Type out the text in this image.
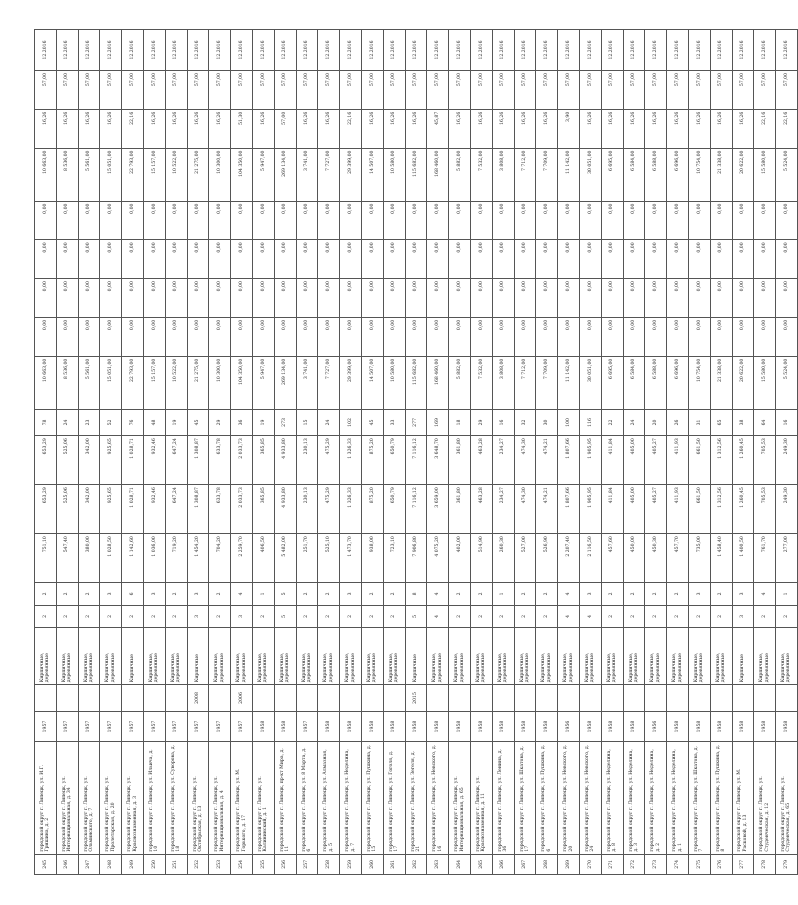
245	городской округ г. Липецк, ул. И.Г. Гришина, д. 2	1957		Кирпичные, деревянные	2	2	751,10	653,29	653,29	78	10 663,00	0,00	0,00	0,00	0,00	10 663,00	16,26	57,00	12.2016
246	городской округ г. Липецк, ул. Интернациональная, д. 34	1957		Кирпичные, деревянные	2	2	547,40	525,06	525,06	24	8 536,00	0,00	0,00	0,00	0,00	8 536,00	16,26	57,00	12.2016
247	городской округ г. Липецк, ул. Ольминского, д. 7	1957		Кирпичные, деревянные	2	2	380,00	342,00	342,00	23	5 561,00	0,00	0,00	0,00	0,00	5 561,00	16,26	57,00	12.2016
248	городской округ г. Липецк, ул. Пролетарская, д. 20	1957		Кирпичные, деревянные	2	3	1 028,50	925,65	925,65	52	15 051,00	0,00	0,00	0,00	0,00	15 051,00	16,26	57,00	12.2016
249	городской округ г. Липецк, ул. Краснознаменная, д. 3	1957		Кирпичные	2	6	1 142,60	1 028,71	1 028,71	76	22 793,00	0,00	0,00	0,00	0,00	22 793,00	22,16	57,00	12.2016
250	городской округ г. Липецк, ул. Ильича, д. 10	1957		Кирпичные, деревянные	2	3	1 036,00	932,46	932,46	48	15 157,00	0,00	0,00	0,00	0,00	15 157,00	16,26	57,00	12.2016
251	городской округ г. Липецк, ул. Суворова, д. 18	1957		Кирпичные, деревянные	2	2	719,20	647,24	647,24	19	10 522,00	0,00	0,00	0,00	0,00	10 522,00	16,26	57,00	12.2016
252	городской округ г. Липецк, ул. Октябрьская, д. 13	1957	2008	Кирпичные	3	3	1 454,20	1 308,87	1 308,87	45	21 275,00	0,00	0,00	0,00	0,00	21 275,00	16,26	57,00	12.2016
253	городской округ г. Липецк, ул. Интернациональная, д. 4	1957		Кирпичные, деревянные	2	2	704,20	633,78	633,78	29	10 300,00	0,00	0,00	0,00	0,00	10 300,00	16,26	57,00	12.2016
254	городской округ г. Липецк, ул. М. Горького, д. 17	1957	2006	Кирпичные, деревянные	3	4	2 259,70	2 033,73	2 033,73	36	104 350,00	0,00	0,00	0,00	0,00	104 350,00	51,30	57,00	12.2016
255	городской округ г. Липецк, ул. Калининский, д. 1	1958		Кирпичные, деревянные	2	1	406,50	365,85	365,85	19	5 947,00	0,00	0,00	0,00	0,00	5 947,00	16,26	57,00	12.2016
256	городской округ г. Липецк, пр-кт Мира, д. 11	1958		Кирпичные, деревянные	5	5	5 482,00	4 933,80	4 933,80	273	269 134,00	0,00	0,00	0,00	0,00	269 134,00	57,00	57,00	12.2016
257	городской округ г. Липецк, ул. 8 Марта, д. 6	1957		Кирпичные, деревянные	2	2	251,70	230,13	230,13	15	3 741,00	0,00	0,00	0,00	0,00	3 741,00	16,26	57,00	12.2016
258	городской округ г. Липецк, ул. Алмазная, д. 5	1958		Кирпичные, деревянные	2	2	525,10	475,29	475,29	24	7 727,00	0,00	0,00	0,00	0,00	7 727,00	16,26	57,00	12.2016
259	городской округ г. Липецк, ул. Неделина, д. 7	1958		Кирпичные, деревянные	2	3	1 473,70	1 326,33	1 326,33	102	29 399,00	0,00	0,00	0,00	0,00	29 399,00	22,16	57,00	12.2016
260	городской округ г. Липецк, ул. Пушкина, д. 15	1958		Кирпичные, деревянные	2	2	938,00	875,20	875,20	45	14 507,00	0,00	0,00	0,00	0,00	14 507,00	16,26	57,00	12.2016
261	городской округ г. Липецк, ул. Гоголя, д. 17	1958		Кирпичные, деревянные	2	2	723,10	650,79	650,79	33	10 580,00	0,00	0,00	0,00	0,00	10 580,00	16,26	57,00	12.2016
262	городской округ г. Липецк, ул. Зегеля, д. 21	1958	2015	Кирпичные	5	8	7 906,80	7 116,12	7 116,12	277	115 682,00	0,00	0,00	0,00	0,00	115 682,00	16,26	57,00	12.2016
263	городской округ г. Липецк, ул. Невского, д. 16	1958		Кирпичные, деревянные	4	4	4 075,20	3 659,00	3 648,70	169	168 460,00	0,00	0,00	0,00	0,00	168 460,00	45,87	57,00	12.2016
264	городской округ г. Липецк, ул. Интернациональная, д. 65	1958		Кирпичные, деревянные	2	2	402,00	361,80	361,80	18	5 882,00	0,00	0,00	0,00	0,00	5 882,00	16,26	57,00	12.2016
265	городской округ г. Липецк, ул. Краснознаменная, д. 11	1958		Кирпичные, деревянные	2	2	514,90	463,28	463,28	29	7 532,00	0,00	0,00	0,00	0,00	7 532,00	16,26	57,00	12.2016
266	городской округ г. Липецк, ул. Ленина, д. 36	1958		Кирпичные, деревянные	2	1	260,30	234,27	234,27	16	3 808,00	0,00	0,00	0,00	0,00	3 808,00	16,26	57,00	12.2016
267	городской округ г. Липецк, ул. Шкатова, д. 17	1958		Кирпичные, деревянные	2	2	527,00	474,30	474,30	32	7 712,00	0,00	0,00	0,00	0,00	7 712,00	16,26	57,00	12.2016
268	городской округ г. Липецк, ул. Пушкина, д. 6	1958		Кирпичные, деревянные	2	2	526,90	474,21	474,21	30	7 709,00	0,00	0,00	0,00	0,00	7 709,00	16,26	57,00	12.2016
269	городской округ г. Липецк, ул. Невского, д. 20	1956		Кирпичные, деревянные	4	4	2 207,40	1 807,66	1 807,66	100	11 142,00	0,00	0,00	0,00	0,00	11 142,00	3,90	57,00	12.2016
270	городской округ г. Липецк, ул. Невского, д. 24	1958		Кирпичные, деревянные	4	3	2 116,50	1 905,95	1 905,95	116	30 051,00	0,00	0,00	0,00	0,00	30 051,00	16,26	57,00	12.2016
271	городской округ г. Липецк, ул. Неделина, д. 8	1958		Кирпичные, деревянные	2	2	457,60	411,84	411,84	22	6 695,00	0,00	0,00	0,00	0,00	6 695,00	16,26	57,00	12.2016
272	городской округ г. Липецк, ул. Неделина, д. 3	1958		Кирпичные, деревянные	2	2	450,00	405,00	405,00	24	6 584,00	0,00	0,00	0,00	0,00	6 584,00	16,26	57,00	12.2016
273	городской округ г. Липецк, ул. Неделина, д. 2	1956		Кирпичные, деревянные	2	2	450,30	405,27	405,27	20	6 588,00	0,00	0,00	0,00	0,00	6 588,00	16,26	57,00	12.2016
274	городской округ г. Липецк, ул. Неделина, д. 1	1958		Кирпичные, деревянные	2	2	457,70	411,93	411,93	26	6 696,00	0,00	0,00	0,00	0,00	6 696,00	16,26	57,00	12.2016
275	городской округ г. Липецк, ул. Шкатова, д. 7	1958		Кирпичные, деревянные	2	3	735,00	661,50	661,50	31	10 754,00	0,00	0,00	0,00	0,00	10 754,00	16,26	57,00	12.2016
276	городской округ г. Липецк, ул. Пушкина, д. 8	1958		Кирпичные, деревянные	2	2	1 458,40	1 312,56	1 312,56	65	21 338,00	0,00	0,00	0,00	0,00	21 338,00	16,26	57,00	12.2016
277	городской округ г. Липецк, ул. М. Расковой, д. 13	1958		Кирпичные	3	3	1 400,50	1 260,45	1 260,45	38	20 622,00	0,00	0,00	0,00	0,00	20 622,00	16,26	57,00	12.2016
278	городской округ г. Липецк, ул. Студенческая, д. 12	1958		Кирпичные, деревянные	2	4	761,70	705,53	705,53	64	15 580,00	0,00	0,00	0,00	0,00	15 580,00	22,16	57,00	12.2016
279	городской округ г. Липецк, ул. Студенческая, д. 65	1958		Кирпичные, деревянные	2	1	277,00	249,30	249,30	16	5 524,00	0,00	0,00	0,00	0,00	5 524,00	22,16	57,00	12.2016
